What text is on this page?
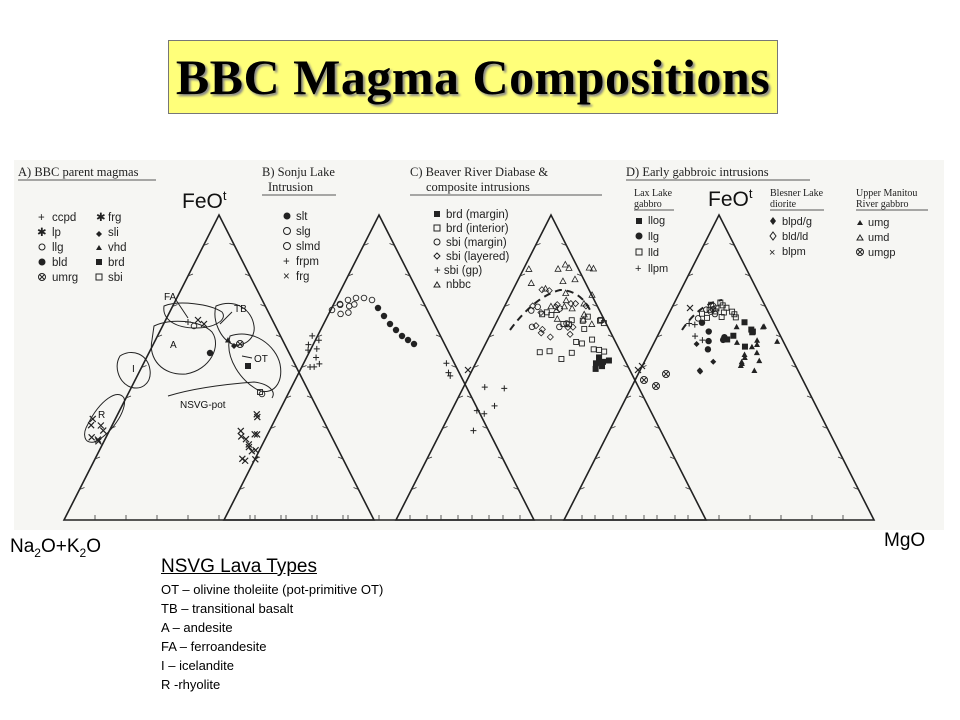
BBC Magma Compositions
A) BBC parent magmas	B) Sonju Lake
Intrusion
C) Beaver River Diabase &
composite intrusions
D) Early gabbroic intrusions
FeO$^t$	FeO$^t$
+ ccpd
✱ lp
llg
bld
umrg
✱ frg
sli
vhd
brd
sbi
slt
slg
slmd
+ frpm
× frg
brd (margin)
brd (interior)
sbi (margin)
sbi (layered)
+ sbi (gp)
nbbc
Lax Lake
gabbro
llog
llg
lld
+ llpm
Blesner Lake
diorite
blpd/g
bld/ld
× blpm
Upper Manitou
River gabbro
umg
umd
umgp
FA
TB
A
OT
I
R
NSVG-pot
$Na_2O+K_2O$	MgO
NSVG Lava Types
OT – olivine tholeiite (pot-primitive OT)
TB – transitional basalt
A – andesite
FA – ferroandesite
I – icelandite
R -rhyolite
